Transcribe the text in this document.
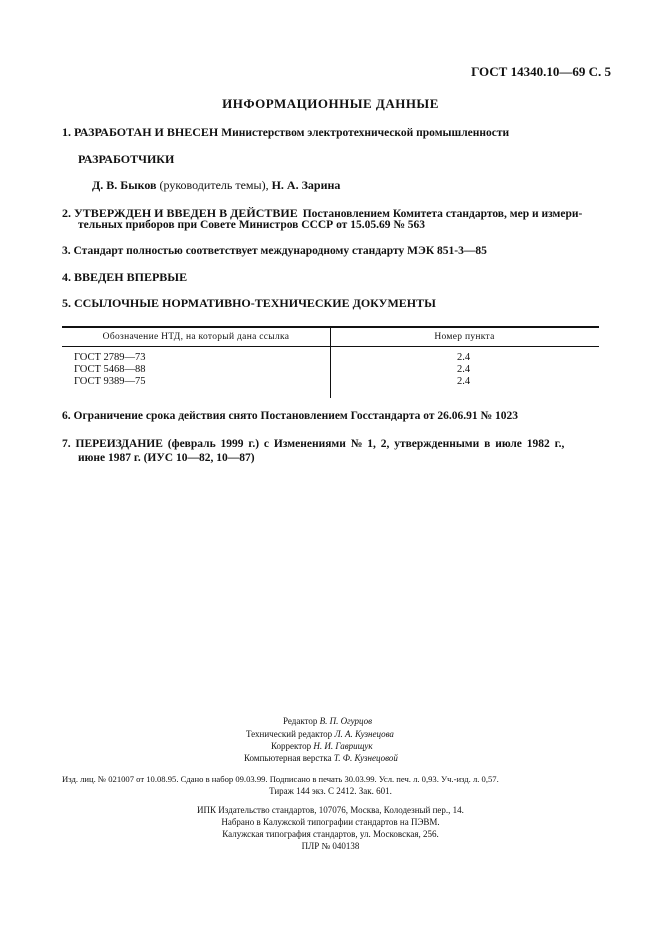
ГОСТ 14340.10—69 С. 5
ИНФОРМАЦИОННЫЕ ДАННЫЕ
1. РАЗРАБОТАН И ВНЕСЕН Министерством электротехнической промышленности
РАЗРАБОТЧИКИ
Д. В. Быков (руководитель темы), Н. А. Зарина
2. УТВЕРЖДЕН И ВВЕДЕН В ДЕЙСТВИЕ Постановлением Комитета стандартов, мер и измери-
тельных приборов при Совете Министров СССР от 15.05.69 № 563
3. Стандарт полностью соответствует международному стандарту МЭК 851-3—85
4. ВВЕДЕН ВПЕРВЫЕ
5. ССЫЛОЧНЫЕ НОРМАТИВНО-ТЕХНИЧЕСКИЕ ДОКУМЕНТЫ
Обозначение НТД, на который дана ссылка	Номер пункта
ГОСТ 2789—73	2.4
ГОСТ 5468—88	2.4
ГОСТ 9389—75	2.4
6. Ограничение срока действия снято Постановлением Госстандарта от 26.06.91 № 1023
7. ПЕРЕИЗДАНИЕ (февраль 1999 г.) с Изменениями № 1, 2, утвержденными в июле 1982 г.,
июне 1987 г. (ИУС 10—82, 10—87)
Редактор В. П. Огурцов
Технический редактор Л. А. Кузнецова
Корректор Н. И. Гаврищук
Компьютерная верстка Т. Ф. Кузнецовой
Изд. лиц. № 021007 от 10.08.95. Сдано в набор 09.03.99. Подписано в печать 30.03.99. Усл. печ. л. 0,93. Уч.-изд. л. 0,57.
Тираж 144 экз. С 2412. Зак. 601.
ИПК Издательство стандартов, 107076, Москва, Колодезный пер., 14.
Набрано в Калужской типографии стандартов на ПЭВМ.
Калужская типография стандартов, ул. Московская, 256.
ПЛР № 040138
